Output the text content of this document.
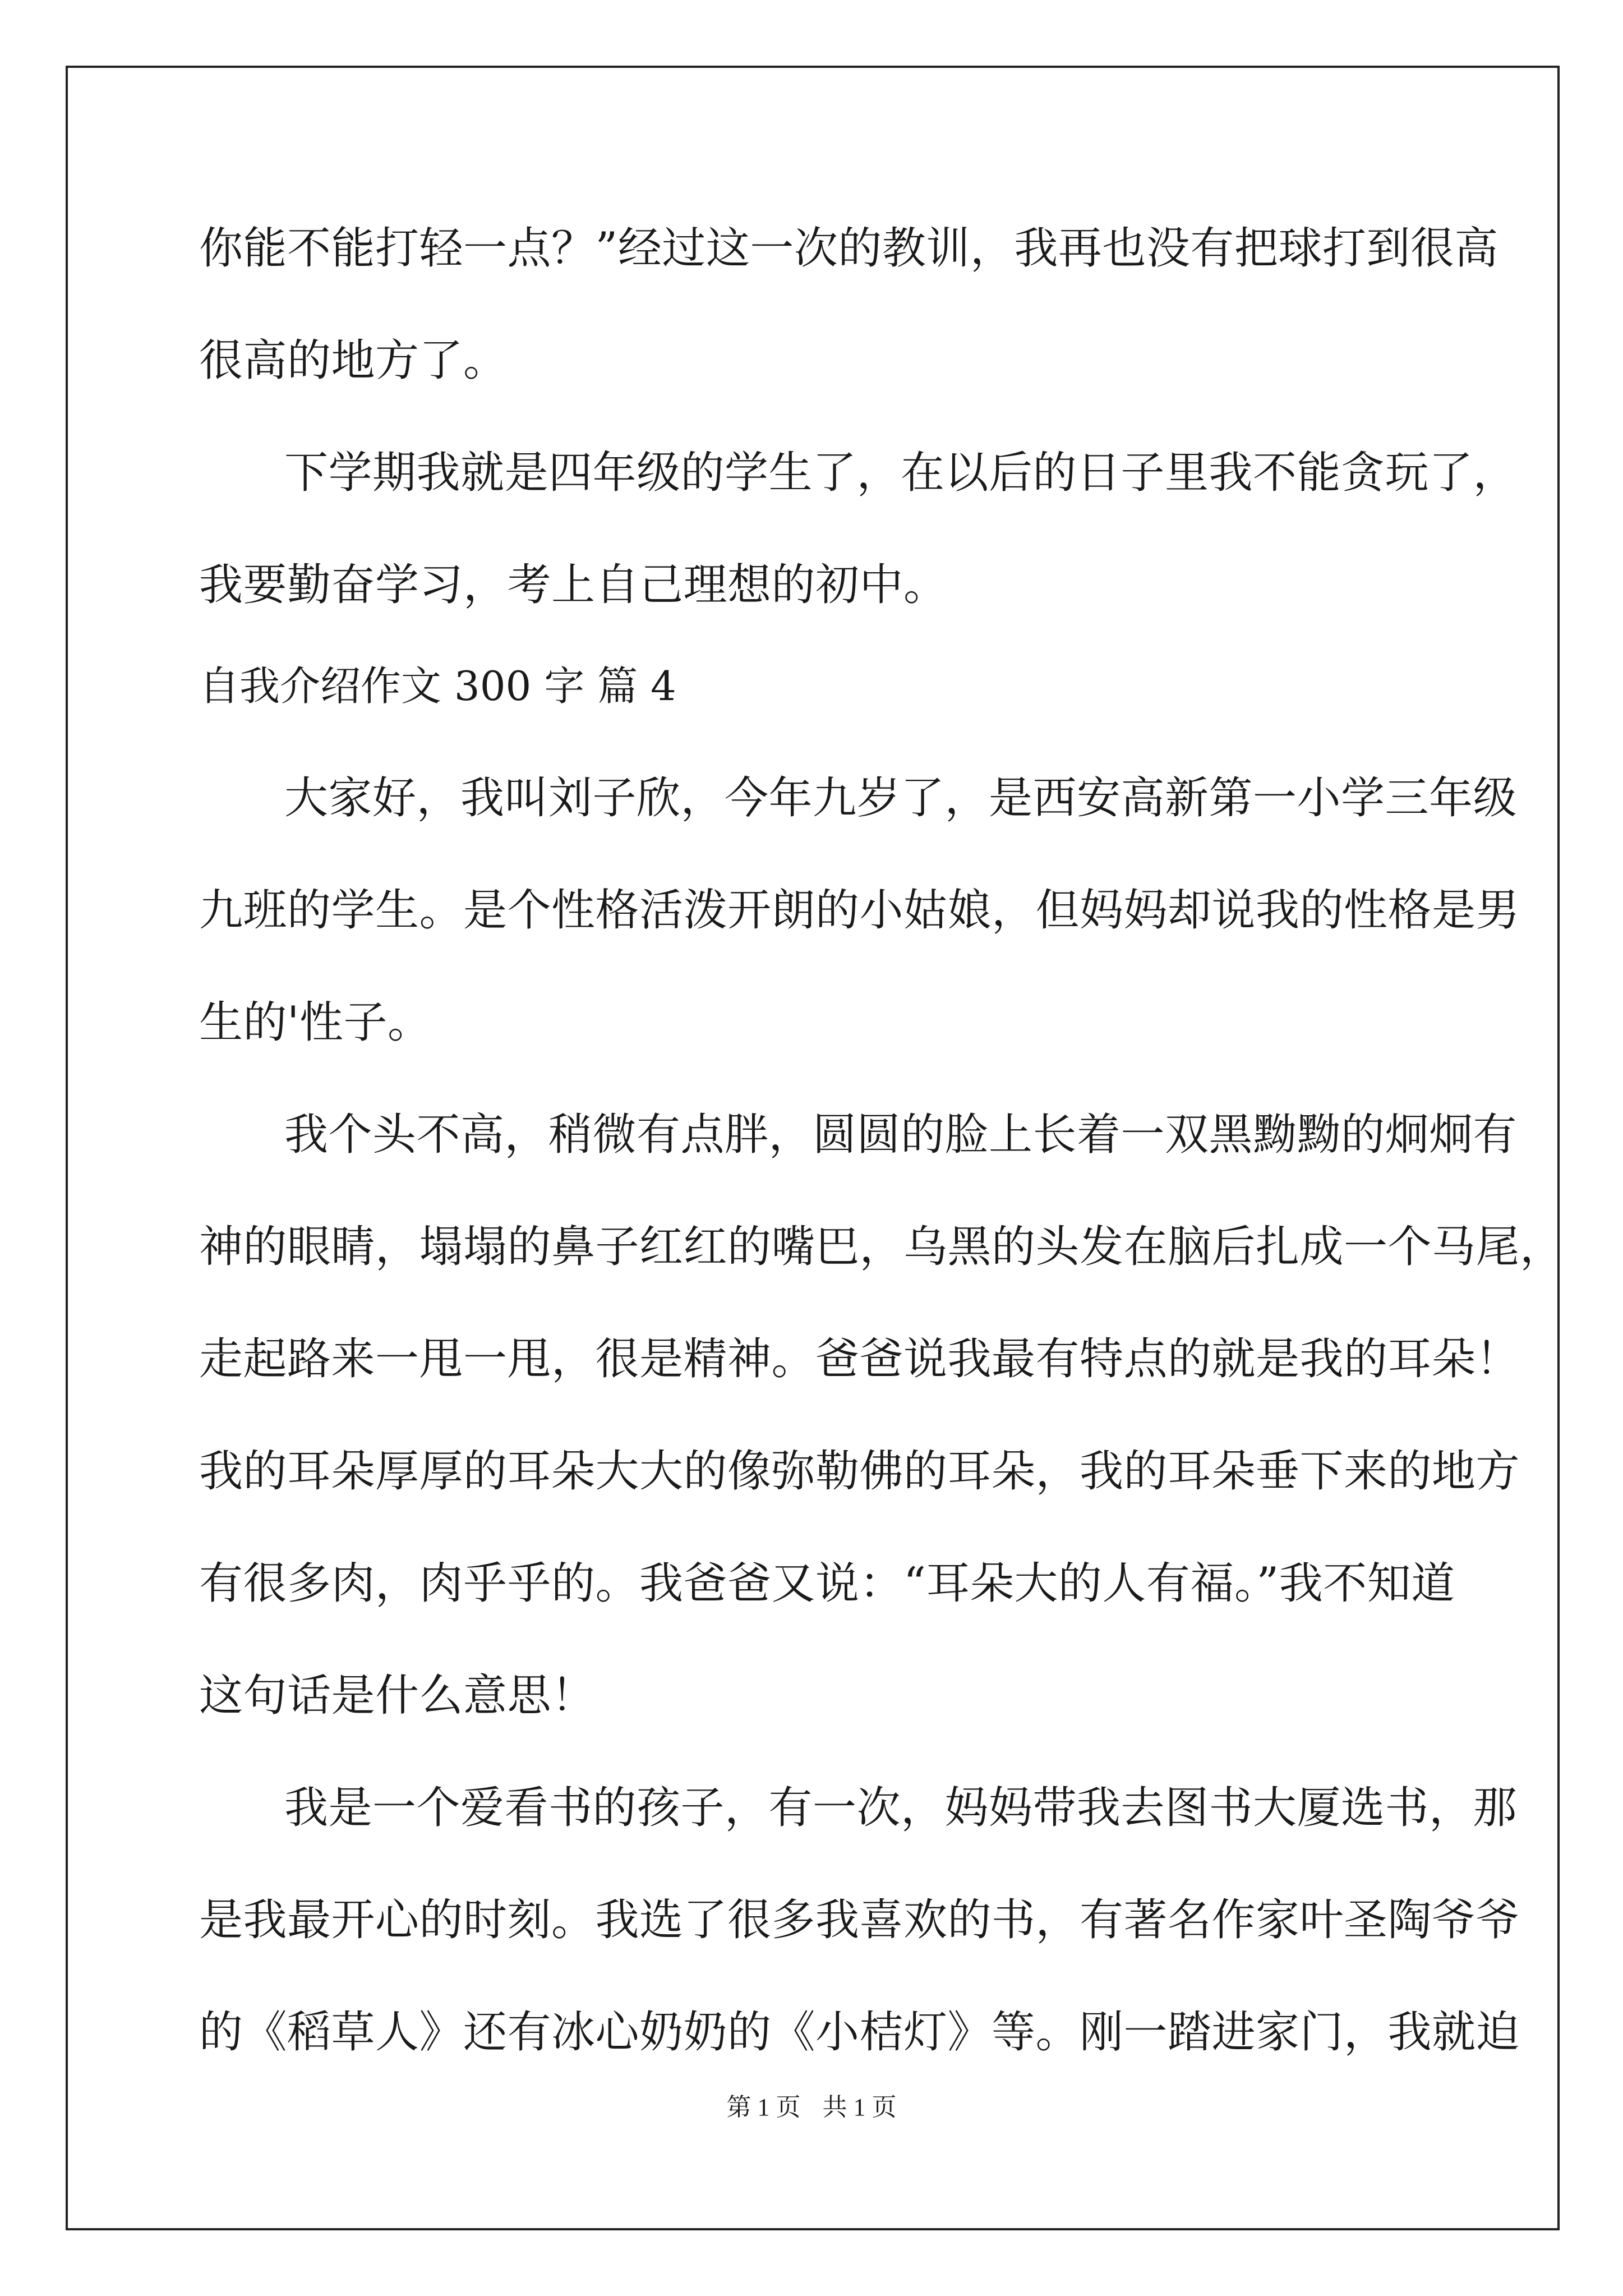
你能不能打轻一点？”经过这一次的教训，我再也没有把球打到很高
很高的地方了。
下学期我就是四年级的学生了，在以后的日子里我不能贪玩了，
我要勤奋学习，考上自己理想的初中。
自我介绍作文 300 字 篇 4
大家好，我叫刘子欣，今年九岁了，是西安高新第一小学三年级
九班的学生。是个性格活泼开朗的小姑娘，但妈妈却说我的性格是男
生的'性子。
我个头不高，稍微有点胖，圆圆的脸上长着一双黑黝黝的炯炯有
神的眼睛，塌塌的鼻子红红的嘴巴，乌黑的头发在脑后扎成一个马尾，
走起路来一甩一甩，很是精神。爸爸说我最有特点的就是我的耳朵！
我的耳朵厚厚的耳朵大大的像弥勒佛的耳朵，我的耳朵垂下来的地方
有很多肉，肉乎乎的。我爸爸又说：“耳朵大的人有福。”我不知道
这句话是什么意思！
我是一个爱看书的孩子，有一次，妈妈带我去图书大厦选书，那
是我最开心的时刻。我选了很多我喜欢的书，有著名作家叶圣陶爷爷
的《稻草人》还有冰心奶奶的《小桔灯》等。刚一踏进家门，我就迫
第 1 页 共 1 页
